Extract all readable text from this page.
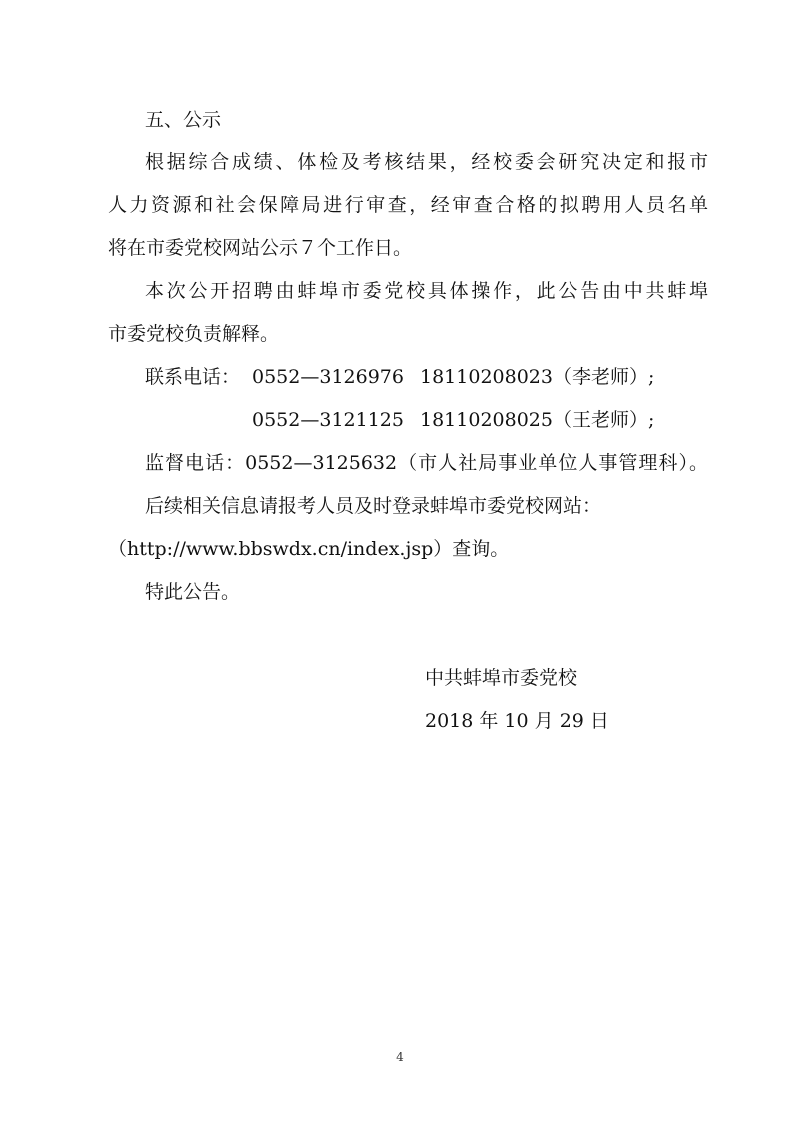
五、公示
根据综合成绩、体检及考核结果，经校委会研究决定和报市
人力资源和社会保障局进行审查，经审查合格的拟聘用人员名单
将在市委党校网站公示７个工作日。
本次公开招聘由蚌埠市委党校具体操作，此公告由中共蚌埠
市委党校负责解释。
联系电话： 0552—3126976 18110208023（李老师）;
0552—3121125 18110208025（王老师）;
监督电话：0552—3125632（市人社局事业单位人事管理科）。
后续相关信息请报考人员及时登录蚌埠市委党校网站：
（http://www.bbswdx.cn/index.jsp）查询。
特此公告。
中共蚌埠市委党校
2018 年 10 月 29 日
4
